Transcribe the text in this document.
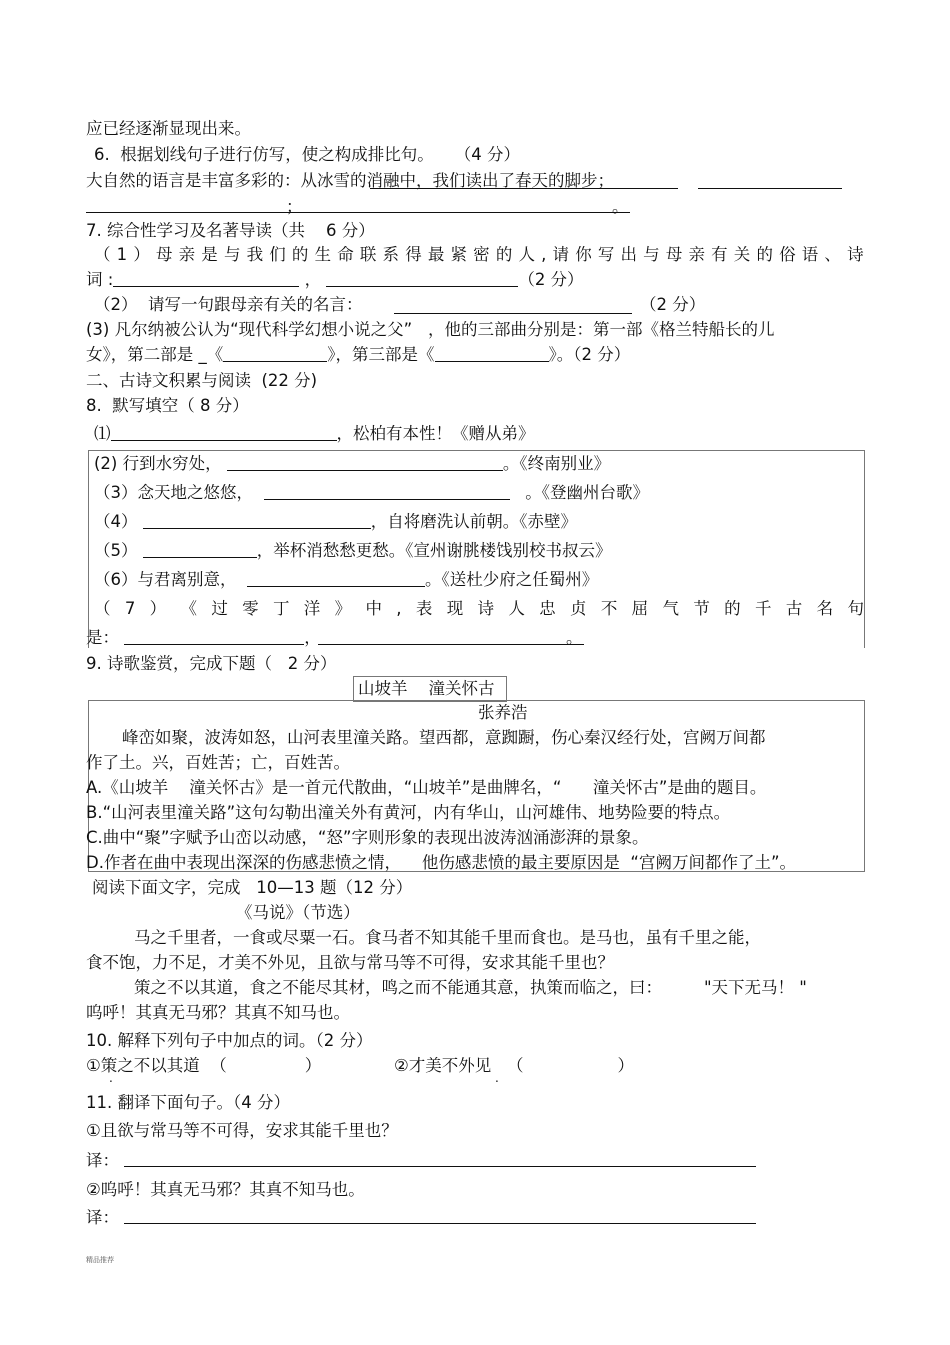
应已经逐渐显现出来。
6.  根据划线句子进行仿写，使之构成排比句。    （4 分）
大自然的语言是丰富多彩的：从冰雪的消融中，我们读出了春天的脚步；
；	。
7. 综合性学习及名著导读（共    6 分）
（ 1 ） 母 亲 是 与 我 们 的 生 命 联 系 得 最 紧 密 的 人 , 请 你 写 出 与 母 亲 有 关 的 俗 语 、 诗
词 :	，	（2 分）
（2）  请写一句跟母亲有关的名言：	（2 分）
(3) 凡尔纳被公认为“现代科学幻想小说之父”   ，他的三部曲分别是：第一部《格兰特船长的儿
女》，第二部是 _《	》，第三部是《	》。（2 分）
二、古诗文积累与阅读  (22 分)
8.  默写填空（ 8 分）
⑴	，松柏有本性！《赠从弟》
(2) 行到水穷处，	。《终南别业》
（3）念天地之悠悠，	。《登幽州台歌》
（4）	，自将磨洗认前朝。《赤壁》
（5）	，举杯消愁愁更愁。《宣州谢朓楼饯别校书叔云》
（6）与君离别意，	。《送杜少府之任蜀州》
（ 7 ） 《 过 零 丁 洋 》 中 , 表 现 诗 人 忠 贞 不 屈 气 节 的 千 古 名 句
是：	，	。
9. 诗歌鉴赏，完成下题（   2 分）
山坡羊    潼关怀古
张养浩
峰峦如聚，波涛如怒，山河表里潼关路。望西都，意踟蹰，伤心秦汉经行处，宫阙万间都
作了土。兴，百姓苦；亡，百姓苦。
A.《山坡羊    潼关怀古》是一首元代散曲，“山坡羊”是曲牌名，“      潼关怀古”是曲的题目。
B.“山河表里潼关路”这句勾勒出潼关外有黄河，内有华山，山河雄伟、地势险要的特点。
C.曲中“聚”字赋予山峦以动感，“怒”字则形象的表现出波涛汹涌澎湃的景象。
D.作者在曲中表现出深深的伤感悲愤之情，    他伤感悲愤的最主要原因是  “宫阙万间都作了土”。
阅读下面文字，完成   10—13 题（12 分）
《马说》（节选）
马之千里者，一食或尽粟一石。食马者不知其能千里而食也。是马也，虽有千里之能，
食不饱，力不足，才美不外见，且欲与常马等不可得，安求其能千里也？
策之不以其道，食之不能尽其材，鸣之而不能通其意，执策而临之，曰：        "天下无马！ "
呜呼！其真无马邪？其真不知马也。
10. 解释下列句子中加点的词。（2 分）
①策之不以其道  （	）	②才美不外见   （	）
.	.
11. 翻译下面句子。（4 分）
①且欲与常马等不可得，安求其能千里也？
译：
②呜呼！其真无马邪？其真不知马也。
译：
精品推荐
